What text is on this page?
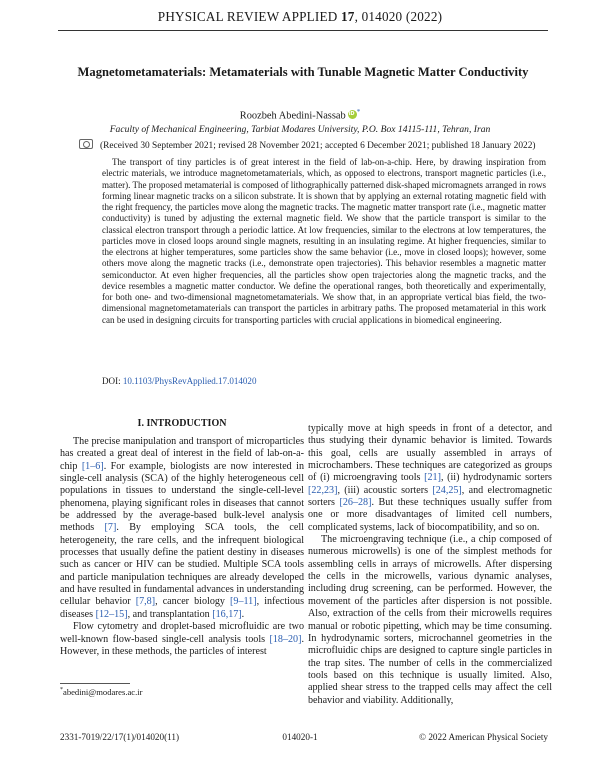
PHYSICAL REVIEW APPLIED 17, 014020 (2022)
Magnetometamaterials: Metamaterials with Tunable Magnetic Matter Conductivity
Roozbeh Abedini-NassabiD *
Faculty of Mechanical Engineering, Tarbiat Modares University, P.O. Box 14115-111, Tehran, Iran
(Received 30 September 2021; revised 28 November 2021; accepted 6 December 2021; published 18 January 2022)
The transport of tiny particles is of great interest in the field of lab-on-a-chip. Here, by drawing inspiration from electric materials, we introduce magnetometamaterials, which, as opposed to electrons, transport magnetic particles (i.e., matter). The proposed metamaterial is composed of lithographically patterned disk-shaped micromagnets arranged in rows forming linear magnetic tracks on a silicon substrate. It is shown that by applying an external rotating magnetic field with the right frequency, the particles move along the magnetic tracks. The magnetic matter transport rate (i.e., magnetic matter conductivity) is tuned by adjusting the external magnetic field. We show that the particle transport is similar to the classical electron transport through a periodic lattice. At low frequencies, similar to the electrons at low temperatures, the particles move in closed loops around single magnets, resulting in an insulating regime. At higher frequencies, similar to the electrons at higher temperatures, some particles show the same behavior (i.e., move in closed loops); however, some others move along the magnetic tracks (i.e., demonstrate open trajectories). This behavior resembles a magnetic matter semiconductor. At even higher frequencies, all the particles show open trajectories along the magnetic tracks, and the device resembles a magnetic matter conductor. We define the operational ranges, both theoretically and experimentally, for both one- and two-dimensional magnetometamaterials. We show that, in an appropriate vertical bias field, the two-dimensional magnetometamaterials can transport the particles in arbitrary paths. The proposed metamaterial in this work can be used in designing circuits for transporting particles with crucial applications in biomedical engineering.
DOI: 10.1103/PhysRevApplied.17.014020
I. INTRODUCTION

The precise manipulation and transport of microparticles has created a great deal of interest in the field of lab-on-a-chip [1–6]. For example, biologists are now interested in single-cell analysis (SCA) of the highly heterogeneous cell populations in tissues to understand the single-cell-level phenomena, playing significant roles in diseases that cannot be addressed by the average-based bulk-level analysis methods [7]. By employing SCA tools, the cell heterogeneity, the rare cells, and the infrequent biological processes that usually define the patient destiny in diseases such as cancer or HIV can be studied. Multiple SCA tools and particle manipulation techniques are already developed and have resulted in fundamental advances in understanding cellular behavior [7,8], cancer biology [9–11], infectious diseases [12–15], and transplantation [16,17].

Flow cytometry and droplet-based microfluidic are two well-known flow-based single-cell analysis tools [18–20]. However, in these methods, the particles of interest

typically move at high speeds in front of a detector, and thus studying their dynamic behavior is limited. Towards this goal, cells are usually assembled in arrays of microchambers. These techniques are categorized as groups of (i) microengraving tools [21], (ii) hydrodynamic sorters [22,23], (iii) acoustic sorters [24,25], and electromagnetic sorters [26–28]. But these techniques usually suffer from one or more disadvantages of limited cell numbers, complicated systems, lack of biocompatibility, and so on.

The microengraving technique (i.e., a chip composed of numerous microwells) is one of the simplest methods for assembling cells in arrays of microwells. After dispersing the cells in the microwells, various dynamic analyses, including drug screening, can be performed. However, the movement of the particles after dispersion is not possible. Also, extraction of the cells from their microwells requires manual or robotic pipetting, which may be time consuming. In hydrodynamic sorters, microchannel geometries in the microfluidic chips are designed to capture single particles in the trap sites. The number of cells in the commercialized tools based on this technique is usually limited. Also, applied shear stress to the trapped cells may affect the cell behavior and viability. Additionally,

*abedini@modares.ac.ir
2331-7019/22/17(1)/014020(11)	014020-1	© 2022 American Physical Society
